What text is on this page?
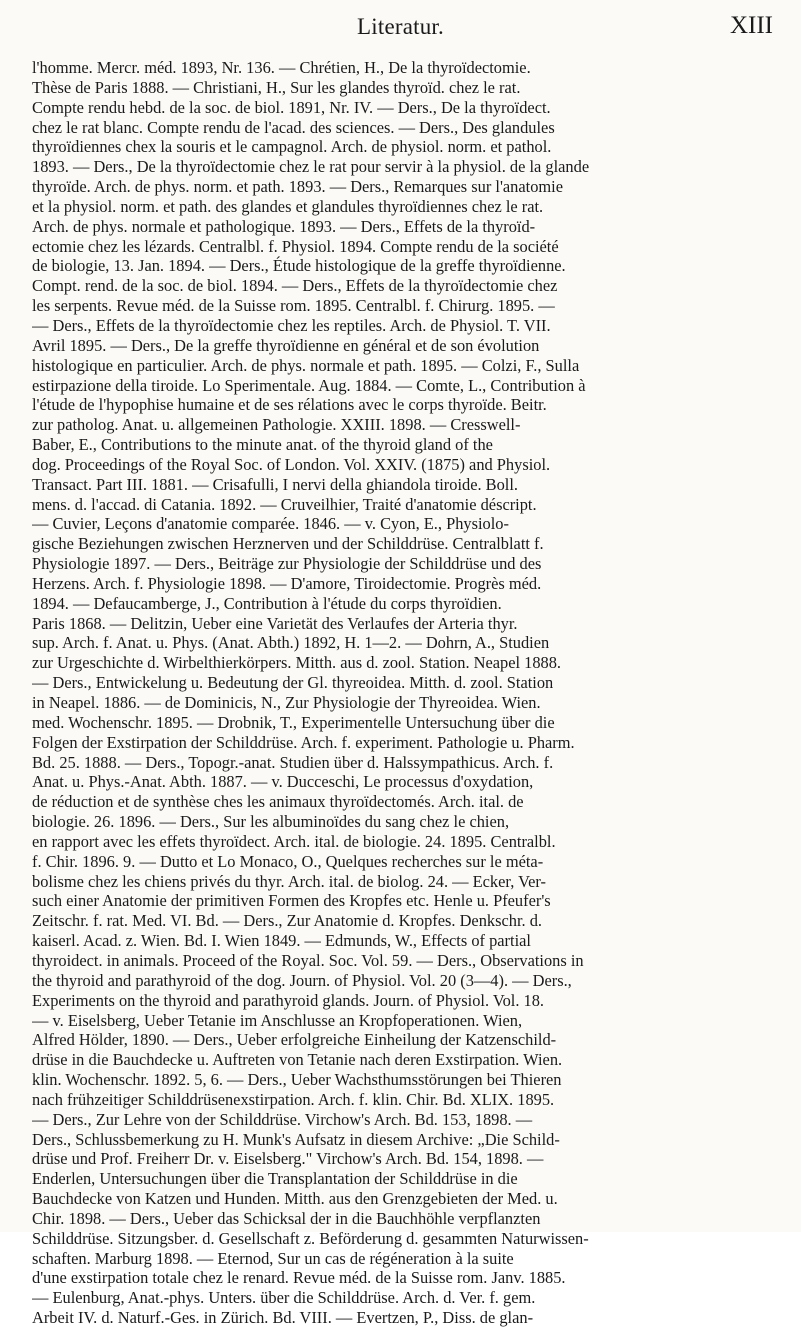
Literatur.	XIII
l'homme. Mercr. méd. 1893, Nr. 136. — Chrétien, H., De la thyroïdectomie.
Thèse de Paris 1888. — Christiani, H., Sur les glandes thyroïd. chez le rat.
Compte rendu hebd. de la soc. de biol. 1891, Nr. IV. — Ders., De la thyroïdect.
chez le rat blanc. Compte rendu de l'acad. des sciences. — Ders., Des glandules
thyroïdiennes chex la souris et le campagnol. Arch. de physiol. norm. et pathol.
1893. — Ders., De la thyroïdectomie chez le rat pour servir à la physiol. de la glande
thyroïde. Arch. de phys. norm. et path. 1893. — Ders., Remarques sur l'anatomie
et la physiol. norm. et path. des glandes et glandules thyroïdiennes chez le rat.
Arch. de phys. normale et pathologique. 1893. — Ders., Effets de la thyroïd-
ectomie chez les lézards. Centralbl. f. Physiol. 1894. Compte rendu de la société
de biologie, 13. Jan. 1894. — Ders., Étude histologique de la greffe thyroïdienne.
Compt. rend. de la soc. de biol. 1894. — Ders., Effets de la thyroïdectomie chez
les serpents. Revue méd. de la Suisse rom. 1895. Centralbl. f. Chirurg. 1895. —
— Ders., Effets de la thyroïdectomie chez les reptiles. Arch. de Physiol. T. VII.
Avril 1895. — Ders., De la greffe thyroïdienne en général et de son évolution
histologique en particulier. Arch. de phys. normale et path. 1895. — Colzi, F., Sulla
estirpazione della tiroide. Lo Sperimentale. Aug. 1884. — Comte, L., Contribution à
l'étude de l'hypophise humaine et de ses rélations avec le corps thyroïde. Beitr.
zur patholog. Anat. u. allgemeinen Pathologie. XXIII. 1898. — Cresswell-
Baber, E., Contributions to the minute anat. of the thyroid gland of the
dog. Proceedings of the Royal Soc. of London. Vol. XXIV. (1875) and Physiol.
Transact. Part III. 1881. — Crisafulli, I nervi della ghiandola tiroide. Boll.
mens. d. l'accad. di Catania. 1892. — Cruveilhier, Traité d'anatomie déscript.
— Cuvier, Leçons d'anatomie comparée. 1846. — v. Cyon, E., Physiolo-
gische Beziehungen zwischen Herznerven und der Schilddrüse. Centralblatt f.
Physiologie 1897. — Ders., Beiträge zur Physiologie der Schilddrüse und des
Herzens. Arch. f. Physiologie 1898. — D'amore, Tiroidectomie. Progrès méd.
1894. — Defaucamberge, J., Contribution à l'étude du corps thyroïdien.
Paris 1868. — Delitzin, Ueber eine Varietät des Verlaufes der Arteria thyr.
sup. Arch. f. Anat. u. Phys. (Anat. Abth.) 1892, H. 1—2. — Dohrn, A., Studien
zur Urgeschichte d. Wirbelthierkörpers. Mitth. aus d. zool. Station. Neapel 1888.
— Ders., Entwickelung u. Bedeutung der Gl. thyreoidea. Mitth. d. zool. Station
in Neapel. 1886. — de Dominicis, N., Zur Physiologie der Thyreoidea. Wien.
med. Wochenschr. 1895. — Drobnik, T., Experimentelle Untersuchung über die
Folgen der Exstirpation der Schilddrüse. Arch. f. experiment. Pathologie u. Pharm.
Bd. 25. 1888. — Ders., Topogr.-anat. Studien über d. Halssympathicus. Arch. f.
Anat. u. Phys.-Anat. Abth. 1887. — v. Ducceschi, Le processus d'oxydation,
de réduction et de synthèse ches les animaux thyroïdectomés. Arch. ital. de
biologie. 26. 1896. — Ders., Sur les albuminoïdes du sang chez le chien,
en rapport avec les effets thyroïdect. Arch. ital. de biologie. 24. 1895. Centralbl.
f. Chir. 1896. 9. — Dutto et Lo Monaco, O., Quelques recherches sur le méta-
bolisme chez les chiens privés du thyr. Arch. ital. de biolog. 24. — Ecker, Ver-
such einer Anatomie der primitiven Formen des Kropfes etc. Henle u. Pfeufer's
Zeitschr. f. rat. Med. VI. Bd. — Ders., Zur Anatomie d. Kropfes. Denkschr. d.
kaiserl. Acad. z. Wien. Bd. I. Wien 1849. — Edmunds, W., Effects of partial
thyroidect. in animals. Proceed of the Royal. Soc. Vol. 59. — Ders., Observations in
the thyroid and parathyroid of the dog. Journ. of Physiol. Vol. 20 (3—4). — Ders.,
Experiments on the thyroid and parathyroid glands. Journ. of Physiol. Vol. 18.
— v. Eiselsberg, Ueber Tetanie im Anschlusse an Kropfoperationen. Wien,
Alfred Hölder, 1890. — Ders., Ueber erfolgreiche Einheilung der Katzenschild-
drüse in die Bauchdecke u. Auftreten von Tetanie nach deren Exstirpation. Wien.
klin. Wochenschr. 1892. 5, 6. — Ders., Ueber Wachsthumsstörungen bei Thieren
nach frühzeitiger Schilddrüsenexstirpation. Arch. f. klin. Chir. Bd. XLIX. 1895.
— Ders., Zur Lehre von der Schilddrüse. Virchow's Arch. Bd. 153, 1898. —
Ders., Schlussbemerkung zu H. Munk's Aufsatz in diesem Archive: „Die Schild-
drüse und Prof. Freiherr Dr. v. Eiselsberg." Virchow's Arch. Bd. 154, 1898. —
Enderlen, Untersuchungen über die Transplantation der Schilddrüse in die
Bauchdecke von Katzen und Hunden. Mitth. aus den Grenzgebieten der Med. u.
Chir. 1898. — Ders., Ueber das Schicksal der in die Bauchhöhle verpflanzten
Schilddrüse. Sitzungsber. d. Gesellschaft z. Beförderung d. gesammten Naturwissen-
schaften. Marburg 1898. — Eternod, Sur un cas de régéneration à la suite
d'une exstirpation totale chez le renard. Revue méd. de la Suisse rom. Janv. 1885.
— Eulenburg, Anat.-phys. Unters. über die Schilddrüse. Arch. d. Ver. f. gem.
Arbeit IV. d. Naturf.-Ges. in Zürich. Bd. VIII. — Evertzen, P., Diss. de glan-
